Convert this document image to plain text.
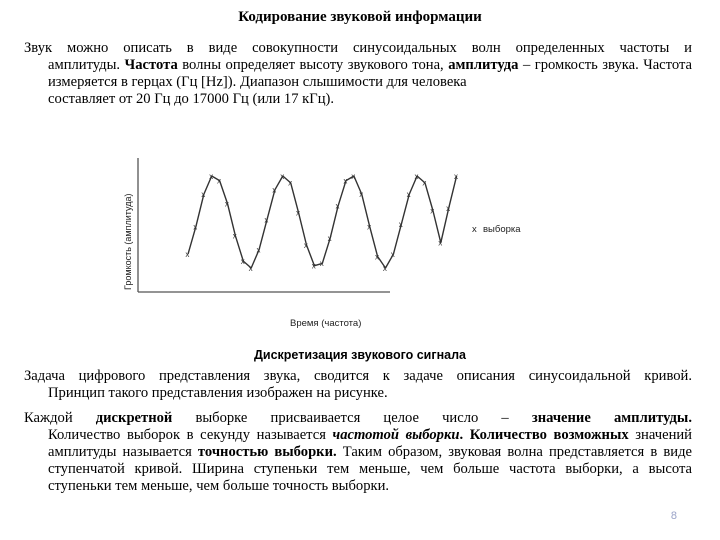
Кодирование звуковой информации
Звук можно описать в виде совокупности синусоидальных волн определенных частоты и
амплитуды. Частота волны определяет высоту звукового тона, амплитуда – громкость звука. Частота измеряется в герцах (Гц [Hz]). Диапазон слышимости для человека
составляет от 20 Гц до 17000 Гц (или 17 кГц).
Громкость (амплитуда)
Время (частота)
x выборка
x
x
x
x
x
x
x
x
x
x
x
x
x
x
x
x
x x
x
x
x
x
x
x
x
x
x
x
x
x
x
x
x
x
x
Дискретизация звукового сигнала
Задача цифрового представления звука, сводится к задаче описания синусоидальной кривой.
Принцип такого представления изображен на рисунке.
Каждой дискретной выборке присваивается целое число – значение амплитуды.
Количество выборок в секунду называется частотой выборки. Количество возможных значений амплитуды называется точностью выборки. Таким образом, звуковая волна представляется в виде ступенчатой кривой. Ширина ступеньки тем меньше, чем больше частота выборки, а высота ступеньки тем меньше, чем больше точность выборки.
8
